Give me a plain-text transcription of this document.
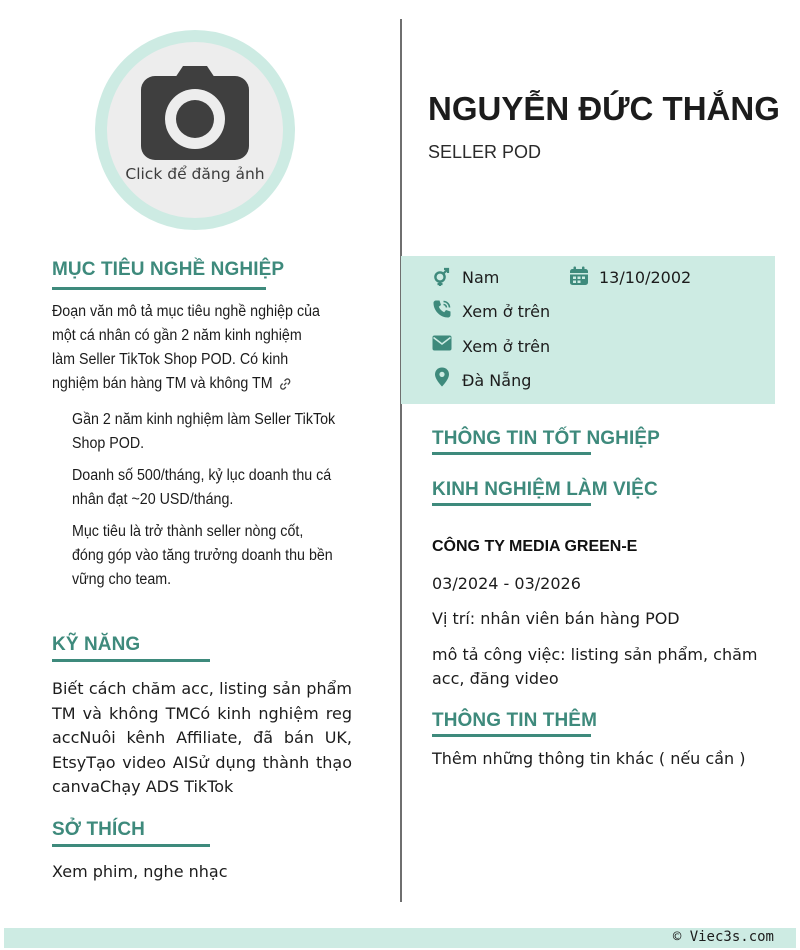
Click để đăng ảnh
MỤC TIÊU NGHỀ NGHIỆP
Đoạn văn mô tả mục tiêu nghề nghiệp của một cá nhân có gần 2 năm kinh nghiệm làm Seller TikTok Shop POD. Có kinh nghiệm bán hàng TM và không TM
Gần 2 năm kinh nghiệm làm Seller TikTok Shop POD.
Doanh số 500/tháng, kỷ lục doanh thu cá nhân đạt ~20 USD/tháng.
Mục tiêu là trở thành seller nòng cốt, đóng góp vào tăng trưởng doanh thu bền vững cho team.
KỸ NĂNG
Biết cách chăm acc, listing sản phẩm TM và không TMCó kinh nghiệm reg accNuôi kênh Affiliate, đã bán UK, EtsyTạo video AISử dụng thành thạo canvaChạy ADS TikTok
SỞ THÍCH
Xem phim, nghe nhạc
NGUYỄN ĐỨC THẮNG
SELLER POD
Nam	13/10/2002
Xem ở trên
Xem ở trên
Đà Nẵng
THÔNG TIN TỐT NGHIỆP
KINH NGHIỆM LÀM VIỆC
CÔNG TY MEDIA GREEN-E
03/2024 - 03/2026
Vị trí: nhân viên bán hàng POD
mô tả công việc: listing sản phẩm, chăm acc, đăng video
THÔNG TIN THÊM
Thêm những thông tin khác ( nếu cần )
© Viec3s.com
